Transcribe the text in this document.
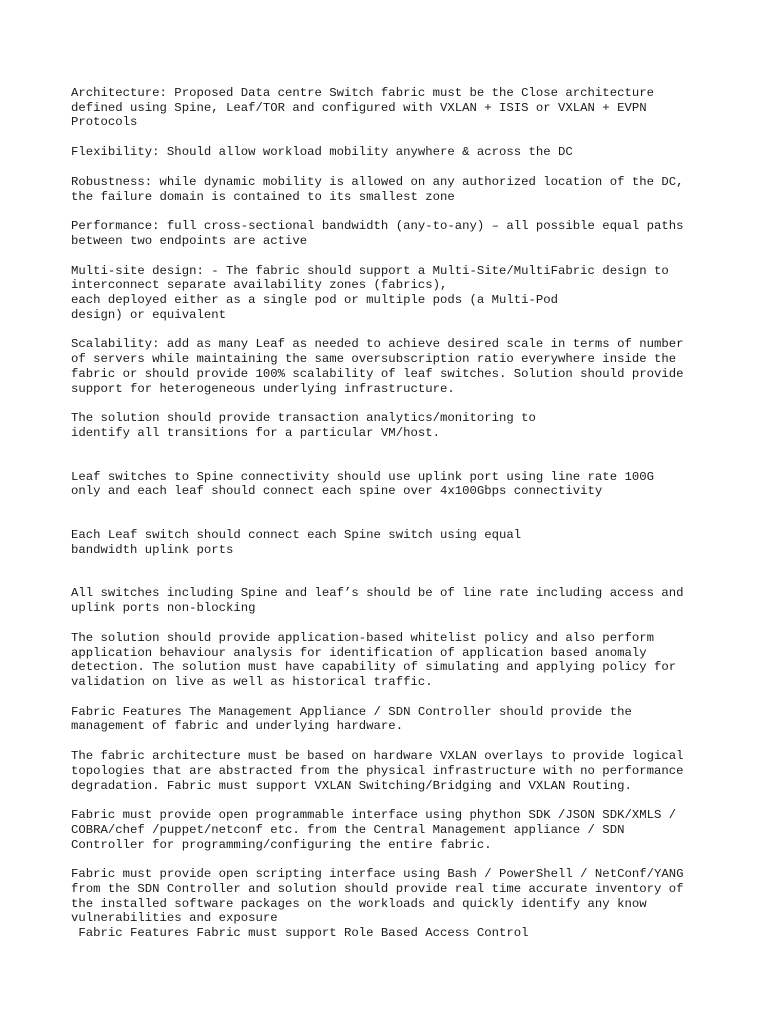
Architecture: Proposed Data centre Switch fabric must be the Close architecture
defined using Spine, Leaf/TOR and configured with VXLAN + ISIS or VXLAN + EVPN
Protocols

Flexibility: Should allow workload mobility anywhere & across the DC

Robustness: while dynamic mobility is allowed on any authorized location of the DC,
the failure domain is contained to its smallest zone

Performance: full cross-sectional bandwidth (any-to-any) – all possible equal paths
between two endpoints are active

Multi-site design: - The fabric should support a Multi-Site/MultiFabric design to
interconnect separate availability zones (fabrics),
each deployed either as a single pod or multiple pods (a Multi-Pod
design) or equivalent

Scalability: add as many Leaf as needed to achieve desired scale in terms of number
of servers while maintaining the same oversubscription ratio everywhere inside the
fabric or should provide 100% scalability of leaf switches. Solution should provide
support for heterogeneous underlying infrastructure.

The solution should provide transaction analytics/monitoring to
identify all transitions for a particular VM/host.

Leaf switches to Spine connectivity should use uplink port using line rate 100G
only and each leaf should connect each spine over 4x100Gbps connectivity

Each Leaf switch should connect each Spine switch using equal
bandwidth uplink ports

All switches including Spine and leaf’s should be of line rate including access and
uplink ports non-blocking

The solution should provide application-based whitelist policy and also perform
application behaviour analysis for identification of application based anomaly
detection. The solution must have capability of simulating and applying policy for
validation on live as well as historical traffic.

Fabric Features The Management Appliance / SDN Controller should provide the
management of fabric and underlying hardware.

The fabric architecture must be based on hardware VXLAN overlays to provide logical
topologies that are abstracted from the physical infrastructure with no performance
degradation. Fabric must support VXLAN Switching/Bridging and VXLAN Routing.

Fabric must provide open programmable interface using phython SDK /JSON SDK/XMLS /
COBRA/chef /puppet/netconf etc. from the Central Management appliance / SDN
Controller for programming/configuring the entire fabric.

Fabric must provide open scripting interface using Bash / PowerShell / NetConf/YANG
from the SDN Controller and solution should provide real time accurate inventory of
the installed software packages on the workloads and quickly identify any know
vulnerabilities and exposure
Fabric Features Fabric must support Role Based Access Control
